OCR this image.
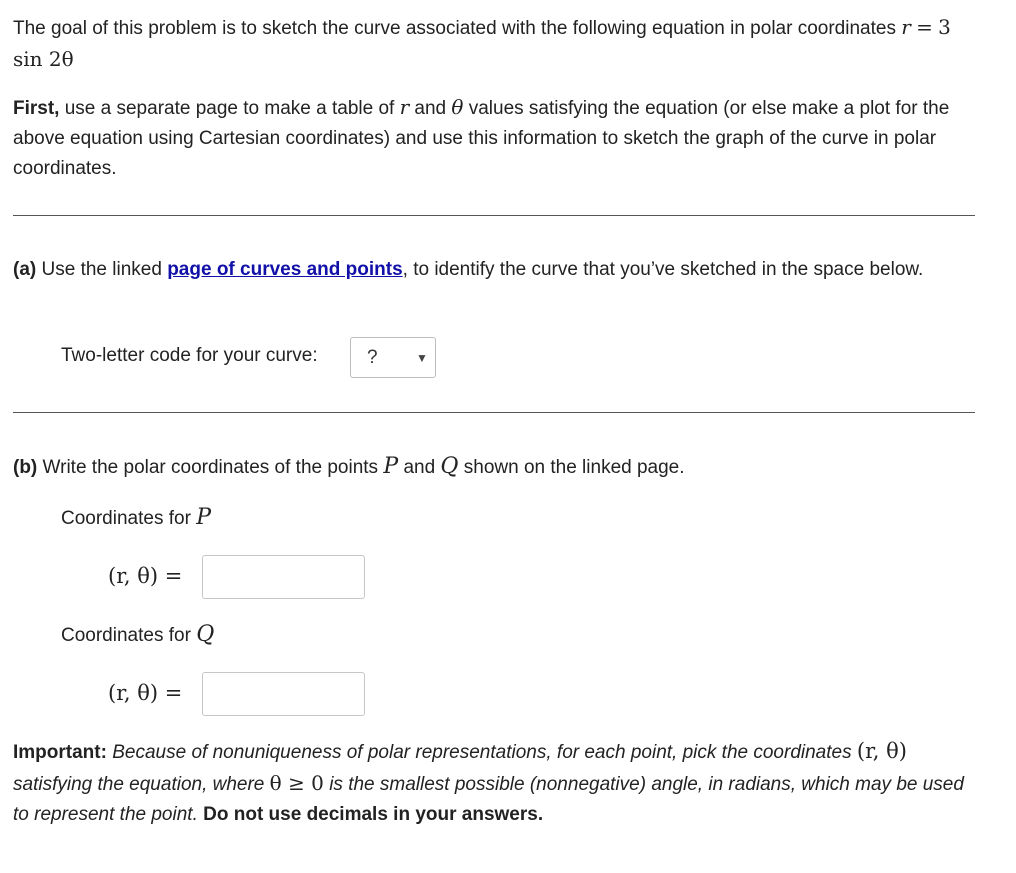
The goal of this problem is to sketch the curve associated with the following equation in polar coordinates r = 3 sin 2θ

First, use a separate page to make a table of r and θ values satisfying the equation (or else make a plot for the above equation using Cartesian coordinates) and use this information to sketch the graph of the curve in polar coordinates.

(a) Use the linked page of curves and points, to identify the curve that you’ve sketched in the space below.

Two-letter code for your curve:	?	▼

(b) Write the polar coordinates of the points P and Q shown on the linked page.

Coordinates for P
(r, θ) =
Coordinates for Q
(r, θ) =

Important: Because of nonuniqueness of polar representations, for each point, pick the coordinates (r, θ) satisfying the equation, where θ ≥ 0 is the smallest possible (nonnegative) angle, in radians, which may be used to represent the point. Do not use decimals in your answers.
